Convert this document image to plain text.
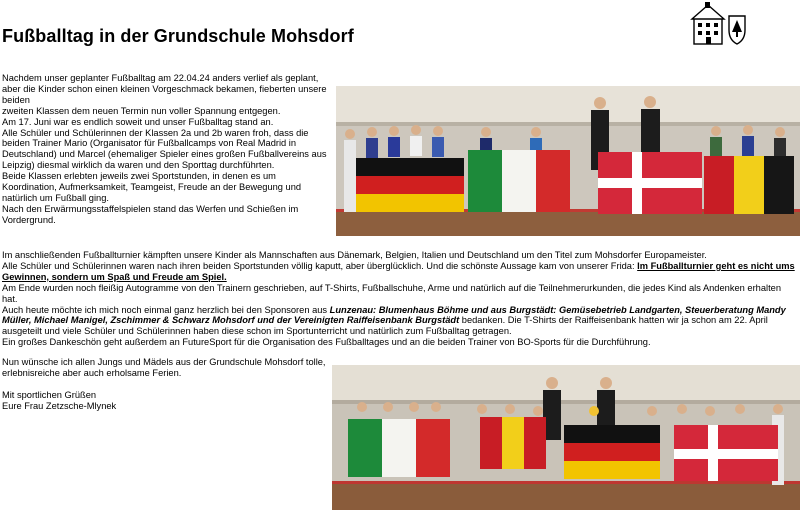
Fußballtag in der Grundschule Mohsdorf

Nachdem unser geplanter Fußballtag am 22.04.24 anders verlief als geplant, aber die Kinder schon einen kleinen Vorgeschmack bekamen, fieberten unsere beiden

zweiten Klassen dem neuen Termin nun voller Spannung entgegen.

Am 17. Juni war es endlich soweit und unser Fußballtag stand an.

Alle Schüler und Schülerinnen der Klassen 2a und 2b waren froh, dass die beiden Trainer Mario (Organisator für Fußballcamps von Real Madrid in Deutschland) und Marcel (ehemaliger Spieler eines großen Fußballvereins aus Leipzig) diesmal wirklich da waren und den Sporttag durchführten.

Beide Klassen erlebten jeweils zwei Sportstunden, in denen es um Koordination, Aufmerksamkeit, Teamgeist, Freude an der Bewegung und natürlich um Fußball ging.

Nach den Erwärmungsstaffelspielen stand das Werfen und Schießen im Vordergrund.

Im anschließenden Fußballturnier kämpften unsere Kinder als Mannschaften aus Dänemark, Belgien, Italien und Deutschland um den Titel zum Mohsdorfer Europameister.

Alle Schüler und Schülerinnen waren nach ihren beiden Sportstunden völlig kaputt, aber überglücklich. Und die schönste Aussage kam von unserer Frida: Im Fußballturnier geht es nicht ums Gewinnen, sondern um Spaß und Freude am Spiel.

Am Ende wurden noch fleißig Autogramme von den Trainern geschrieben, auf T-Shirts, Fußballschuhe, Arme und natürlich auf die Teilnehmerurkunden, die jedes Kind als Andenken erhalten hat.

Auch heute möchte ich mich noch einmal ganz herzlich bei den Sponsoren aus Lunzenau: Blumenhaus Böhme und aus Burgstädt: Gemüsebetrieb Landgarten, Steuerberatung Mandy Müller, Michael Manigel, Zschimmer & Schwarz Mohsdorf und der Vereinigten Raiffeisenbank Burgstädt bedanken. Die T-Shirts der Raiffeisenbank hatten wir ja schon am 22. April ausgeteilt und viele Schüler und Schülerinnen haben diese schon im Sportunterricht und natürlich zum Fußballtag getragen.

Ein großes Dankeschön geht außerdem an FutureSport für die Organisation des Fußballtages und an die beiden Trainer von BO-Sports für die Durchführung.

Nun wünsche ich allen Jungs und Mädels aus der Grundschule Mohsdorf tolle, erlebnisreiche aber auch erholsame Ferien.

Mit sportlichen Grüßen

Eure Frau Zetzsche-Mlynek
